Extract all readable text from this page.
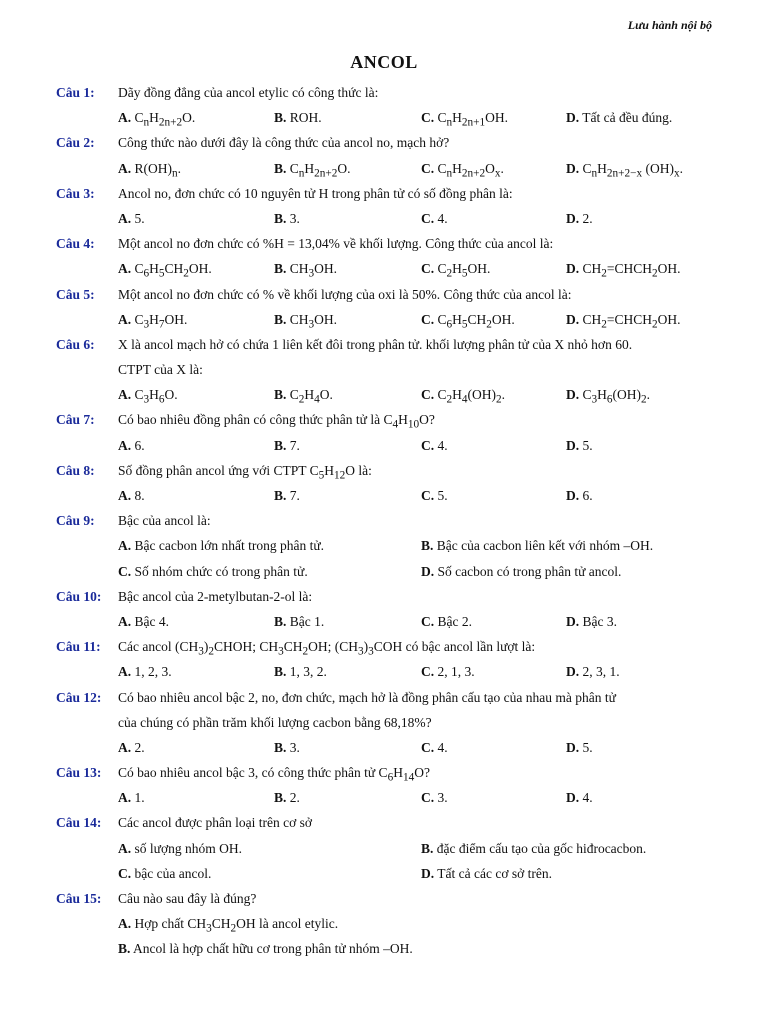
Lưu hành nội bộ
ANCOL
Câu 1: Dãy đồng đẳng của ancol etylic có công thức là:
A. $C_nH_{2n+2}O$.	B. ROH.	C. $C_nH_{2n+1}OH$.	D. Tất cả đều đúng.
Câu 2: Công thức nào dưới đây là công thức của ancol no, mạch hở?
A. $R(OH)_n$.	B. $C_nH_{2n+2}O$.	C. $C_nH_{2n+2}O_x$.	D. $C_nH_{2n+2-x}$ $(OH)_x$.
Câu 3: Ancol no, đơn chức có 10 nguyên tử H trong phân tử có số đồng phân là:
A. 5.	B. 3.	C. 4.	D. 2.
Câu 4: Một ancol no đơn chức có %H = 13,04% về khối lượng. Công thức của ancol là:
A. $C_6H_5CH_2OH$.	B. $CH_3OH$.	C. $C_2H_5OH$.	D. $CH_2=CHCH_2OH$.
Câu 5: Một ancol no đơn chức có % về khối lượng của oxi là 50%. Công thức của ancol là:
A. $C_3H_7OH$.	B. $CH_3OH$.	C. $C_6H_5CH_2OH$.	D. $CH_2=CHCH_2OH$.
Câu 6: X là ancol mạch hở có chứa 1 liên kết đôi trong phân tử. khối lượng phân tử của X nhỏ hơn 60.
CTPT của X là:
A. $C_3H_6O$.	B. $C_2H_4O$.	C. $C_2H_4(OH)_2$.	D. $C_3H_6(OH)_2$.
Câu 7: Có bao nhiêu đồng phân có công thức phân tử là $C_4H_{10}O$?
A. 6.	B. 7.	C. 4.	D. 5.
Câu 8: Số đồng phân ancol ứng với CTPT $C_5H_{12}O$ là:
A. 8.	B. 7.	C. 5.	D. 6.
Câu 9: Bậc của ancol là:
A. Bậc cacbon lớn nhất trong phân tử.	B. Bậc của cacbon liên kết với nhóm –OH.
C. Số nhóm chức có trong phân tử.	D. Số cacbon có trong phân tử ancol.
Câu 10: Bậc ancol của 2-metylbutan-2-ol là:
A. Bậc 4.	B. Bậc 1.	C. Bậc 2.	D. Bậc 3.
Câu 11: Các ancol $(CH_3)_2CHOH$; $CH_3CH_2OH$; $(CH_3)_3COH$ có bậc ancol lần lượt là:
A. 1, 2, 3.	B. 1, 3, 2.	C. 2, 1, 3.	D. 2, 3, 1.
Câu 12: Có bao nhiêu ancol bậc 2, no, đơn chức, mạch hở là đồng phân cấu tạo của nhau mà phân tử
của chúng có phần trăm khối lượng cacbon bằng 68,18%?
A. 2.	B. 3.	C. 4.	D. 5.
Câu 13: Có bao nhiêu ancol bậc 3, có công thức phân tử $C_6H_{14}O$?
A. 1.	B. 2.	C. 3.	D. 4.
Câu 14: Các ancol được phân loại trên cơ sở
A. số lượng nhóm OH.	B. đặc điểm cấu tạo của gốc hiđrocacbon.
C. bậc của ancol.	D. Tất cả các cơ sở trên.
Câu 15: Câu nào sau đây là đúng?
A. Hợp chất $CH_3CH_2OH$ là ancol etylic.
B. Ancol là hợp chất hữu cơ trong phân tử nhóm –OH.
